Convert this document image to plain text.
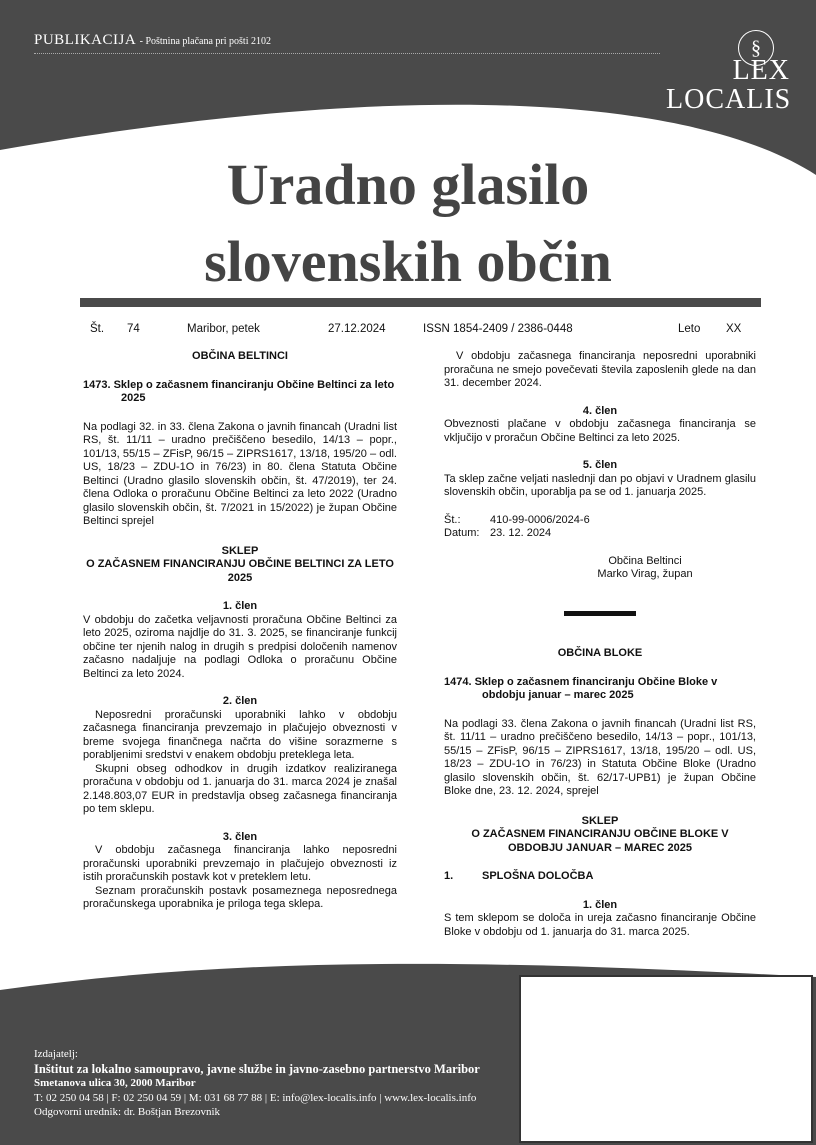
PUBLIKACIJA - Poštnina plačana pri pošti 2102	§
LEX
LOCALIS
Uradno glasilo
slovenskih občin
Št. 74	Maribor, petek	27.12.2024	ISSN 1854-2409 / 2386-0448	Leto XX

OBČINA BELTINCI

1473. Sklep o začasnem financiranju Občine Beltinci za leto 2025

Na podlagi 32. in 33. člena Zakona o javnih financah (Uradni list RS, št. 11/11 – uradno prečiščeno besedilo, 14/13 – popr., 101/13, 55/15 – ZFisP, 96/15 – ZIPRS1617, 13/18, 195/20 – odl. US, 18/23 – ZDU-1O in 76/23) in 80. člena Statuta Občine Beltinci (Uradno glasilo slovenskih občin, št. 47/2019), ter 24. člena Odloka o proračunu Občine Beltinci za leto 2022 (Uradno glasilo slovenskih občin, št. 7/2021 in 15/2022) je župan Občine Beltinci sprejel

SKLEP

O ZAČASNEM FINANCIRANJU OBČINE BELTINCI ZA LETO 2025

1. člen

V obdobju do začetka veljavnosti proračuna Občine Beltinci za leto 2025, oziroma najdlje do 31. 3. 2025, se financiranje funkcij občine ter njenih nalog in drugih s predpisi določenih namenov začasno nadaljuje na podlagi Odloka o proračunu Občine Beltinci za leto 2024.

2. člen

Neposredni proračunski uporabniki lahko v obdobju začasnega financiranja prevzemajo in plačujejo obveznosti v breme svojega finančnega načrta do višine sorazmerne s porabljenimi sredstvi v enakem obdobju preteklega leta.

Skupni obseg odhodkov in drugih izdatkov realiziranega proračuna v obdobju od 1. januarja do 31. marca 2024 je znašal 2.148.803,07 EUR in predstavlja obseg začasnega financiranja po tem sklepu.

3. člen

V obdobju začasnega financiranja lahko neposredni proračunski uporabniki prevzemajo in plačujejo obveznosti iz istih proračunskih postavk kot v preteklem letu.

Seznam proračunskih postavk posameznega neposrednega proračunskega uporabnika je priloga tega sklepa.

V obdobju začasnega financiranja neposredni uporabniki proračuna ne smejo povečevati števila zaposlenih glede na dan 31. december 2024.

4. člen

Obveznosti plačane v obdobju začasnega financiranja se vključijo v proračun Občine Beltinci za leto 2025.

5. člen

Ta sklep začne veljati naslednji dan po objavi v Uradnem glasilu slovenskih občin, uporablja pa se od 1. januarja 2025.

Št.:	410-99-0006/2024-6

Datum: 23. 12. 2024

Občina Beltinci

Marko Virag, župan

OBČINA BLOKE

1474. Sklep o začasnem financiranju Občine Bloke v obdobju januar – marec 2025

Na podlagi 33. člena Zakona o javnih financah (Uradni list RS, št. 11/11 – uradno prečiščeno besedilo, 14/13 – popr., 101/13, 55/15 – ZFisP, 96/15 – ZIPRS1617, 13/18, 195/20 – odl. US, 18/23 – ZDU-1O in 76/23) in Statuta Občine Bloke (Uradno glasilo slovenskih občin, št. 62/17-UPB1) je župan Občine Bloke dne, 23. 12. 2024, sprejel

SKLEP

O ZAČASNEM FINANCIRANJU OBČINE BLOKE V OBDOBJU JANUAR – MAREC 2025

1.	SPLOŠNA DOLOČBA

1. člen

S tem sklepom se določa in ureja začasno financiranje Občine Bloke v obdobju od 1. januarja do 31. marca 2025.

Izdajatelj:
Inštitut za lokalno samoupravo, javne službe in javno-zasebno partnerstvo Maribor
Smetanova ulica 30, 2000 Maribor
T: 02 250 04 58 | F: 02 250 04 59 | M: 031 68 77 88 | E: info@lex-localis.info | www.lex-localis.info
Odgovorni urednik: dr. Boštjan Brezovnik
